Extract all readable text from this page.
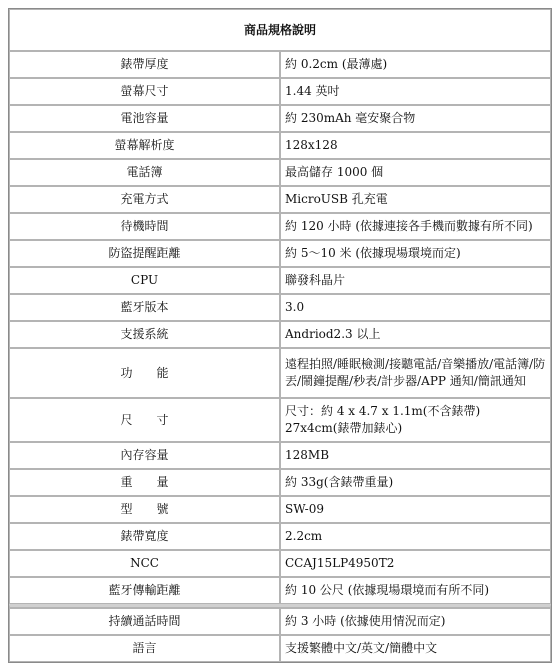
商品規格說明	
錶帶厚度	約 0.2cm (最薄處)
螢幕尺寸	1.44 英吋
電池容量	約 230mAh 毫安聚合物
螢幕解析度	128x128
電話簿	最高儲存 1000 個
充電方式	MicroUSB 孔充電
待機時間	約 120 小時 (依據連接各手機而數據有所不同)
防盜提醒距離	約 5～10 米 (依據現場環境而定)
CPU	聯發科晶片
藍牙版本	3.0
支援系統	Andriod2.3 以上
功　　能	遠程拍照/睡眠檢測/接聽電話/音樂播放/電話簿/防丟/鬧鐘提醒/秒表/計步器/APP 通知/簡訊通知
尺　　寸	尺寸：約 4 x 4.7 x 1.1m(不含錶帶)　27x4cm(錶帶加錶心)
內存容量	128MB
重　　量	約 33g(含錶帶重量)
型　　號	SW-09
錶帶寬度	2.2cm
NCC	CCAJ15LP4950T2
藍牙傳輸距離	約 10 公尺 (依據現場環境而有所不同)

持續通話時間	約 3 小時 (依據使用情況而定)
語言	支援繁體中文/英文/簡體中文
